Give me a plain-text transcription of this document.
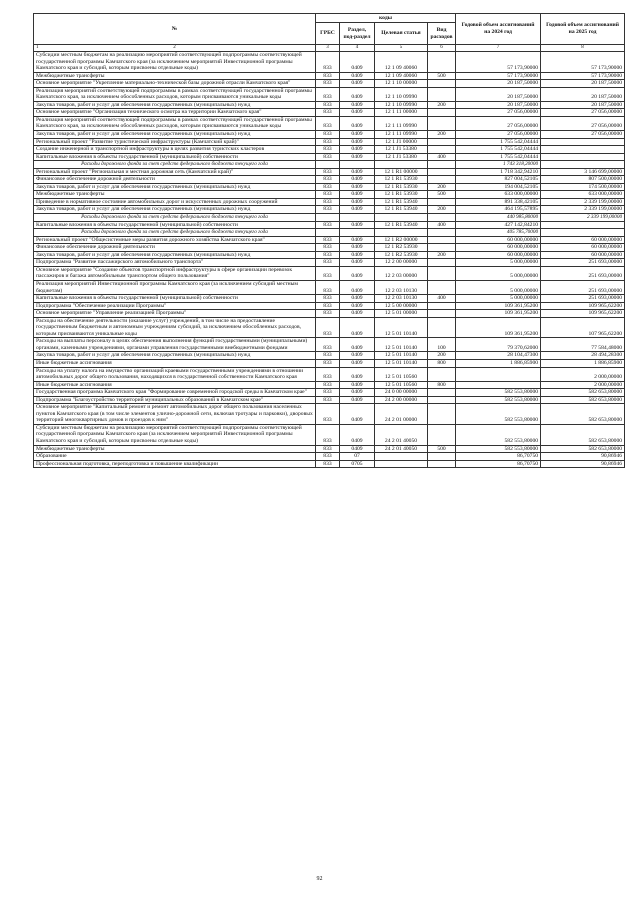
№	коды				Годовой объем ассигнований на 2024 год	Годовой объем ассигнований на 2025 год
	ГРБС	Раздел, под-раздел	Целевая статья	Вид расходов		

1 2	3	4	5	6	7	8
Субсидии местным бюджетам на реализацию мероприятий соответствующей подпрограммы соответствующей государственной программы Камчатского края (за исключением мероприятий Инвестиционной программы Камчатского края и субсидий, которым присвоены отдельные коды)	833	0409	12 1 09 40060		57 173,90000	57 173,90000
Межбюджетные трансферты	833	0409	12 1 09 40060	500	57 173,90000	57 173,90000
Основное мероприятие "Укрепление материально-технической базы дорожной отрасли Камчатского края"	833	0409	12 1 10 00000		20 187,50000	20 187,50000
Реализация мероприятий соответствующей подпрограммы в рамках соответствующей государственной программы Камчатского края, за исключением обособленных расходов, которым присваиваются уникальные коды	833	0409	12 1 10 09990		20 187,50000	20 187,50000
Закупка товаров, работ и услуг для обеспечения государственных (муниципальных) нужд	833	0409	12 1 10 09990	200	20 187,50000	20 187,50000
Основное мероприятие "Организация технического осмотра на территории Камчатского края"	833	0409	12 1 11 00000		27 056,00000	27 056,00000
Реализация мероприятий соответствующей подпрограммы в рамках соответствующей государственной программы Камчатского края, за исключением обособленных расходов, которым присваиваются уникальные коды	833	0409	12 1 11 09990		27 056,00000	27 056,00000
Закупка товаров, работ и услуг для обеспечения государственных (муниципальных) нужд	833	0409	12 1 11 09990	200	27 056,00000	27 056,00000
Региональный проект "Развитие туристической инфраструктуры (Камчатский край)"	833	0409	12 1 J1 00000		1 755 542,04444	
Создание инженерной и транспортной инфраструктуры в целях развития туристских кластеров	833	0409	12 1 J1 53380		1 755 542,04444	
Капитальные вложения в объекты государственной (муниципальной) собственности	833	0409	12 1 J1 53380	400	1 755 542,04444	
Расходы дорожного фонда за счет средств федерального бюджета текущего года					1 743 318,20000	
Региональный проект "Региональная и местная дорожная сеть (Камчатский край)"	833	0409	12 1 R1 00000		1 718 342,94210	3 146 699,00000
Финансовое обеспечение дорожной деятельности	833	0409	12 1 R1 53930		827 004,52105	807 500,00000
Закупка товаров, работ и услуг для обеспечения государственных (муниципальных) нужд	833	0409	12 1 R1 53930	200	194 004,52105	174 500,00000
Межбюджетные трансферты	833	0409	12 1 R1 53930	500	633 000,00000	633 000,00000
Приведение в нормативное состояние автомобильных дорог и искусственных дорожных сооружений	833	0409	12 1 R1 53940		891 338,42105	2 339 199,00000
Закупка товаров, работ и услуг для обеспечения государственных (муниципальных) нужд	833	0409	12 1 R1 53940	200	464 195,57895	2 339 199,00000
Расходы дорожного фонда за счет средств федерального бюджета текущего года					440 985,80000	2 339 199,00000
Капитальные вложения в объекты государственной (муниципальной) собственности	833	0409	12 1 R1 53940	400	427 142,84210	
Расходы дорожного фонда за счет средств федерального бюджета текущего года					405 785,70000	
Региональный проект "Общесистемные меры развития дорожного хозяйства Камчатского края"	833	0409	12 1 R2 00000		60 000,00000	60 000,00000
Финансовое обеспечение дорожной деятельности	833	0409	12 1 R2 53930		60 000,00000	60 000,00000
Закупка товаров, работ и услуг для обеспечения государственных (муниципальных) нужд	833	0409	12 1 R2 53930	200	60 000,00000	60 000,00000
Подпрограмма "Развитие пассажирского автомобильного транспорта"	833	0409	12 2 00 00000		5 000,00000	251 693,00000
Основное мероприятие "Создание объектов транспортной инфраструктуры в сфере организации перевозок пассажиров и багажа автомобильным транспортом общего пользования"	833	0409	12 2 03 00000		5 000,00000	251 693,00000
Реализация мероприятий Инвестиционной программы Камчатского края (за исключением субсидий местным бюджетам)	833	0409	12 2 03 10130		5 000,00000	251 693,00000
Капитальные вложения в объекты государственной (муниципальной) собственности	833	0409	12 2 03 10130	400	5 000,00000	251 693,00000
Подпрограмма "Обеспечение реализации Программы"	833	0409	12 5 00 00000		109 361,95200	109 965,62200
Основное мероприятие "Управление реализацией Программы"	833	0409	12 5 01 00000		109 361,95200	109 965,62200
Расходы на обеспечение деятельности (оказание услуг) учреждений, в том числе на предоставление государственным бюджетным и автономным учреждениям субсидий, за исключением обособленных расходов, которым присваиваются уникальные коды	833	0409	12 5 01 10140		109 361,95200	107 965,62200
Расходы на выплаты персоналу в целях обеспечения выполнения функций государственными (муниципальными) органами, казенными учреждениями, органами управления государственными внебюджетными фондами	833	0409	12 5 01 10140	100	79 370,62000	77 584,48000
Закупка товаров, работ и услуг для обеспечения государственных (муниципальных) нужд	833	0409	12 5 01 10140	200	28 104,47300	28 494,28300
Иные бюджетные ассигнования	833	0409	12 5 01 10140	800	1 886,85900	1 886,85900
Расходы на уплату налога на имущество организаций краевыми государственными учреждениями в отношении автомобильных дорог общего пользования, находящихся в государственной собственности Камчатского края	833	0409	12 5 01 10560			2 000,00000
Иные бюджетные ассигнования	833	0409	12 5 01 10560	800		2 000,00000
Государственная программа Камчатского края "Формирование современной городской среды в Камчатском крае"	833	0409	24 0 00 00000		582 553,80000	582 653,80000
Подпрограмма "Благоустройство территорий муниципальных образований в Камчатском крае"	833	0409	24 2 00 00000		582 553,80000	582 653,80000
Основное мероприятие "Капитальный ремонт и ремонт автомобильных дорог общего пользования населенных пунктов Камчатского края (в том числе элементов улично-дорожной сети, включая тротуары и парковки), дворовых территорий многоквартирных домов и проездов к ним"	833	0409	24 2 01 00000		582 553,80000	582 653,80000
Субсидии местным бюджетам на реализацию мероприятий соответствующей подпрограммы соответствующей государственной программы Камчатского края (за исключением мероприятий Инвестиционной программы Камчатского края и субсидий, которым присвоены отдельные коды)	833	0409	24 2 01 40050		582 553,80000	582 653,80000
Межбюджетные трансферты	833	0409	24 2 01 40050	500	582 553,80000	582 653,80000
Образование	833	07			86,70750	90,86946
Профессиональная подготовка, переподготовка и повышение квалификации	833	0705			86,70750	90,86946
92
